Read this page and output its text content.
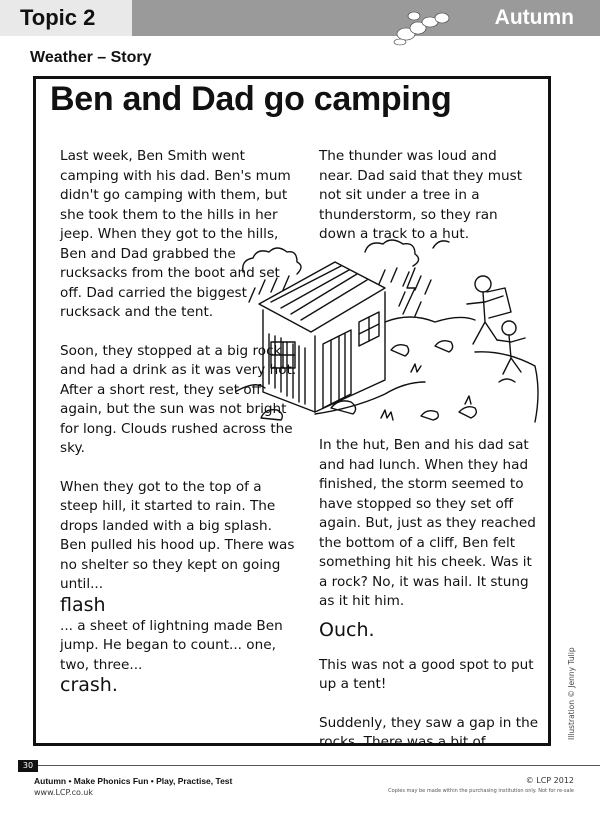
Topic 2	Autumn
Weather – Story
Ben and Dad go camping

Last week, Ben Smith went camping with his dad. Ben's mum didn't go camping with them, but she took them to the hills in her jeep. When they got to the hills, Ben and Dad grabbed the rucksacks from the boot and set off. Dad carried the biggest rucksack and the tent.

Soon, they stopped at a big rock and had a drink as it was very hot. After a short rest, they set off again, but the sun was not bright for long. Clouds rushed across the sky.

When they got to the top of a steep hill, it started to rain. The drops landed with a big splash. Ben pulled his hood up. There was no shelter so they kept on going until...

flash
... a sheet of lightning made Ben jump. He began to count... one, two, three...
crash.

The thunder was loud and near. Dad said that they must not sit under a tree in a thunderstorm, so they ran down a track to a hut.

In the hut, Ben and his dad sat and had lunch. When they had finished, the storm seemed to have stopped so they set off again. But, just as they reached the bottom of a cliff, Ben felt something hit his cheek. Was it a rock? No, it was hail. It stung as it hit him.

Ouch.

This was not a good spot to put up a tent!

Suddenly, they saw a gap in the rocks. There was a bit of

Illustration © Jenny Tulip
30
Autumn • Make Phonics Fun • Play, Practise, Test
www.LCP.co.uk
© LCP 2012
Copies may be made within the purchasing institution only. Not for re-sale
